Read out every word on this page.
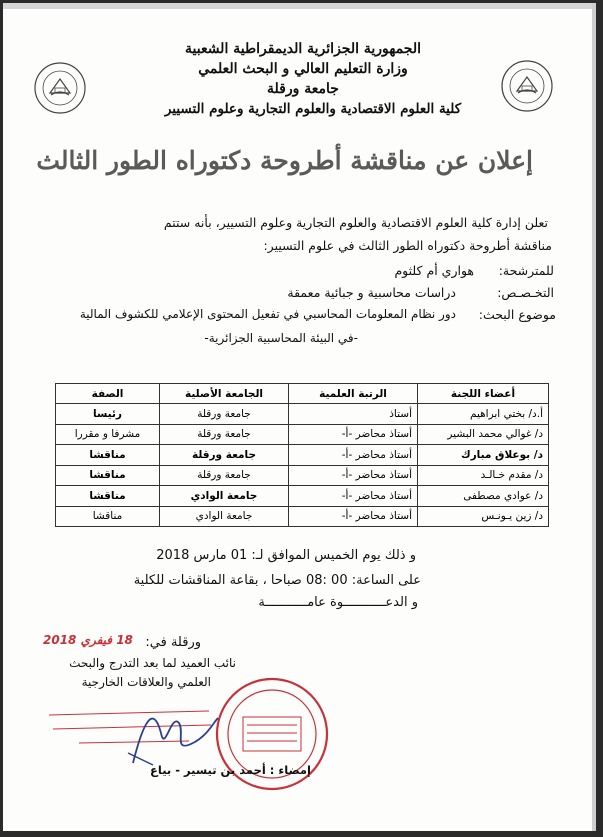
الجمهورية الجزائرية الديمقراطية الشعبية
وزارة التعليم العالي و البحث العلمي
جامعة ورقلة
كلية العلوم الاقتصادية والعلوم التجارية وعلوم التسيير
إعلان عن مناقشة أطروحة دكتوراه الطور الثالث
تعلن إدارة كلية العلوم الاقتصادية والعلوم التجارية وعلوم التسيير، بأنه ستتم
مناقشة أطروحة دكتوراه الطور الثالث في علوم التسيير:
للمترشحة:
هواري أم كلثوم
التخـصـص:
دراسات محاسبية و جبائية معمقة
موضوع البحث:
دور نظام المعلومات المحاسبي في تفعيل المحتوى الإعلامي للكشوف المالية
-في البيئة المحاسبية الجزائرية-
أعضاء اللجنة	الرتبة العلمية	الجامعة الأصلية	الصفة
أ.د/ بختي ابراهيم	أستاذ	جامعة ورقلة	رئيسا
د/ غوالي محمد البشير	أستاذ محاضر -أ-	جامعة ورقلة	مشرفا و مقررا
د/ بوعلاق مبارك	أستاذ محاضر -أ-	جامعة ورقلة	مناقشا
د/ مقدم خـالـد	أستاذ محاضر -أ-	جامعة ورقلة	مناقشا
د/ عوادي مصطفى	أستاذ محاضر -أ-	جامعة الوادي	مناقشا
د/ زين يـونـس	أستاذ محاضر -أ-	جامعة الوادي	مناقشا
و ذلك يوم الخميس الموافق لـ: 01 مارس 2018
على الساعة: 00 :08 صباحا ، بقاعة المناقشات للكلية
و الدعـــــــــــوة عامـــــــــــة
ورقلة في:
18 فيفري 2018
نائب العميد لما بعد التدرج والبحث
العلمي والعلاقات الخارجية
إمضاء : أحمد بن تيسير - بياع
